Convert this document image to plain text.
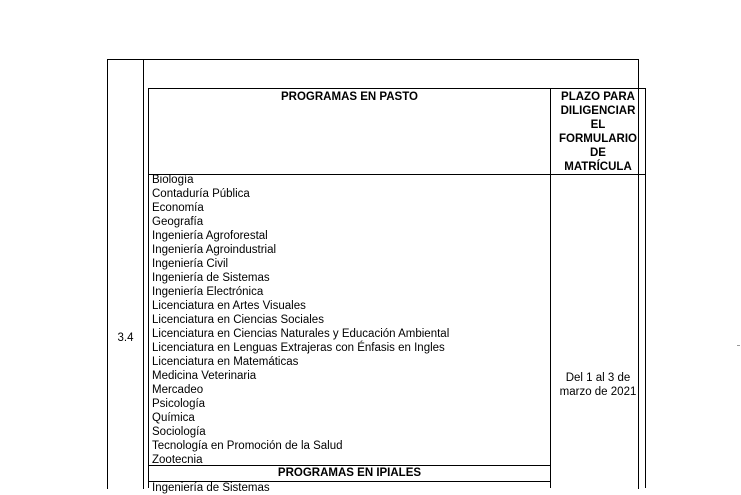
3.4
PROGRAMAS EN PASTO	PLAZO PARA
DILIGENCIAR
EL
FORMULARIO
DE
MATRÍCULA
Biología
Contaduría Pública
Economía
Geografía
Ingeniería Agroforestal
Ingeniería Agroindustrial
Ingeniería Civil
Ingeniería de Sistemas
Ingeniería Electrónica
Licenciatura en Artes Visuales
Licenciatura en Ciencias Sociales
Licenciatura en Ciencias Naturales y Educación Ambiental
Licenciatura en Lenguas Extrajeras con Énfasis en Ingles
Licenciatura en Matemáticas
Medicina Veterinaria
Mercadeo
Psicología
Química
Sociología
Tecnología en Promoción de la Salud
Zootecnia
Del 1 al 3 de
marzo de 2021
PROGRAMAS EN IPIALES
Ingeniería de Sistemas
